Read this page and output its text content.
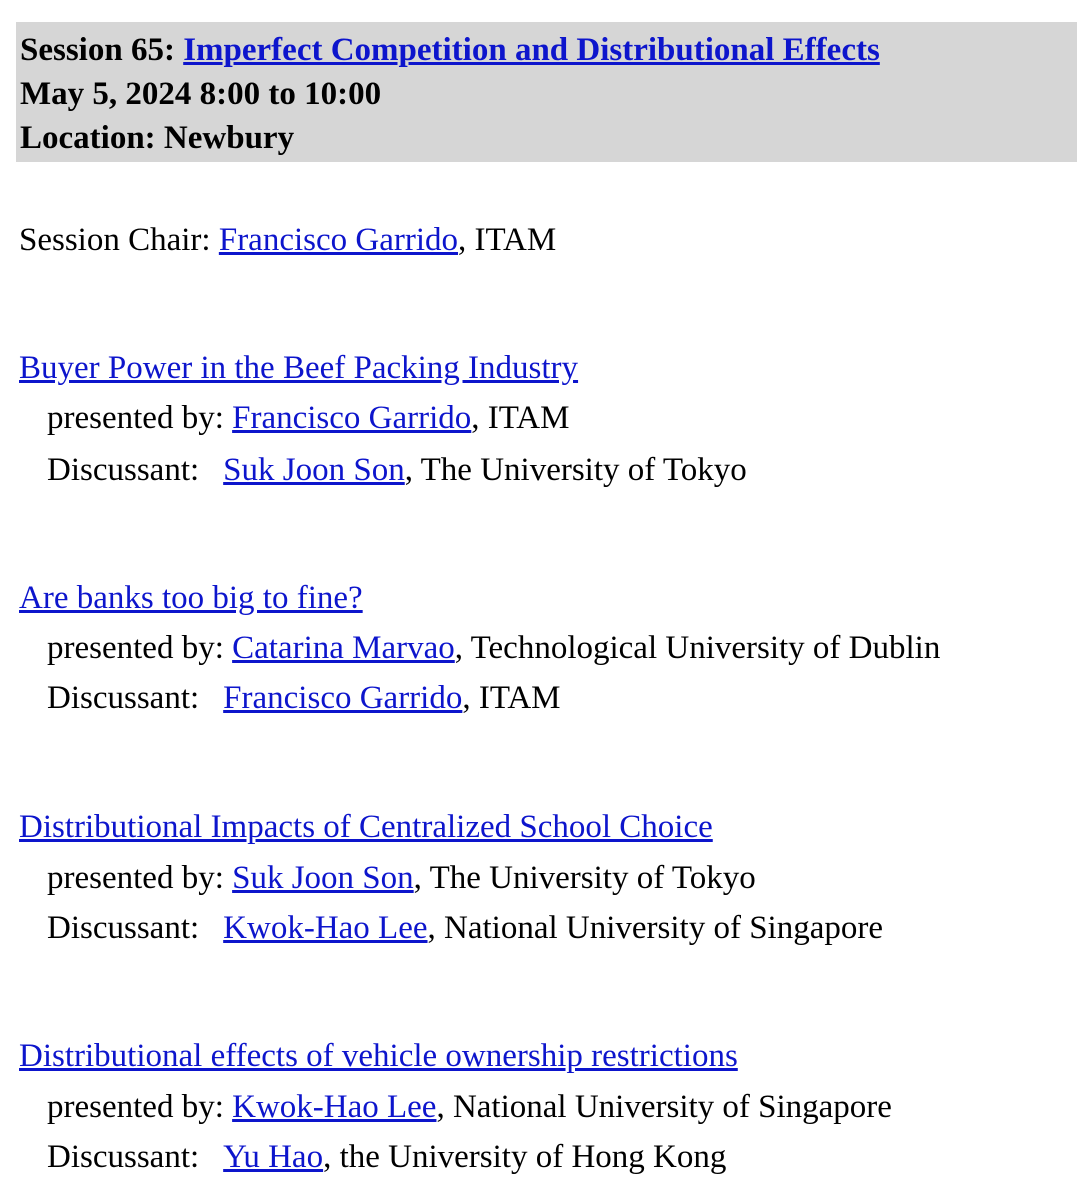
Session 65: Imperfect Competition and Distributional Effects
May 5, 2024 8:00 to 10:00
Location: Newbury
Session Chair: Francisco Garrido, ITAM
Buyer Power in the Beef Packing Industry
presented by: Francisco Garrido, ITAM
Discussant: Suk Joon Son, The University of Tokyo
Are banks too big to fine?
presented by: Catarina Marvao, Technological University of Dublin
Discussant: Francisco Garrido, ITAM
Distributional Impacts of Centralized School Choice
presented by: Suk Joon Son, The University of Tokyo
Discussant: Kwok-Hao Lee, National University of Singapore
Distributional effects of vehicle ownership restrictions
presented by: Kwok-Hao Lee, National University of Singapore
Discussant: Yu Hao, the University of Hong Kong
